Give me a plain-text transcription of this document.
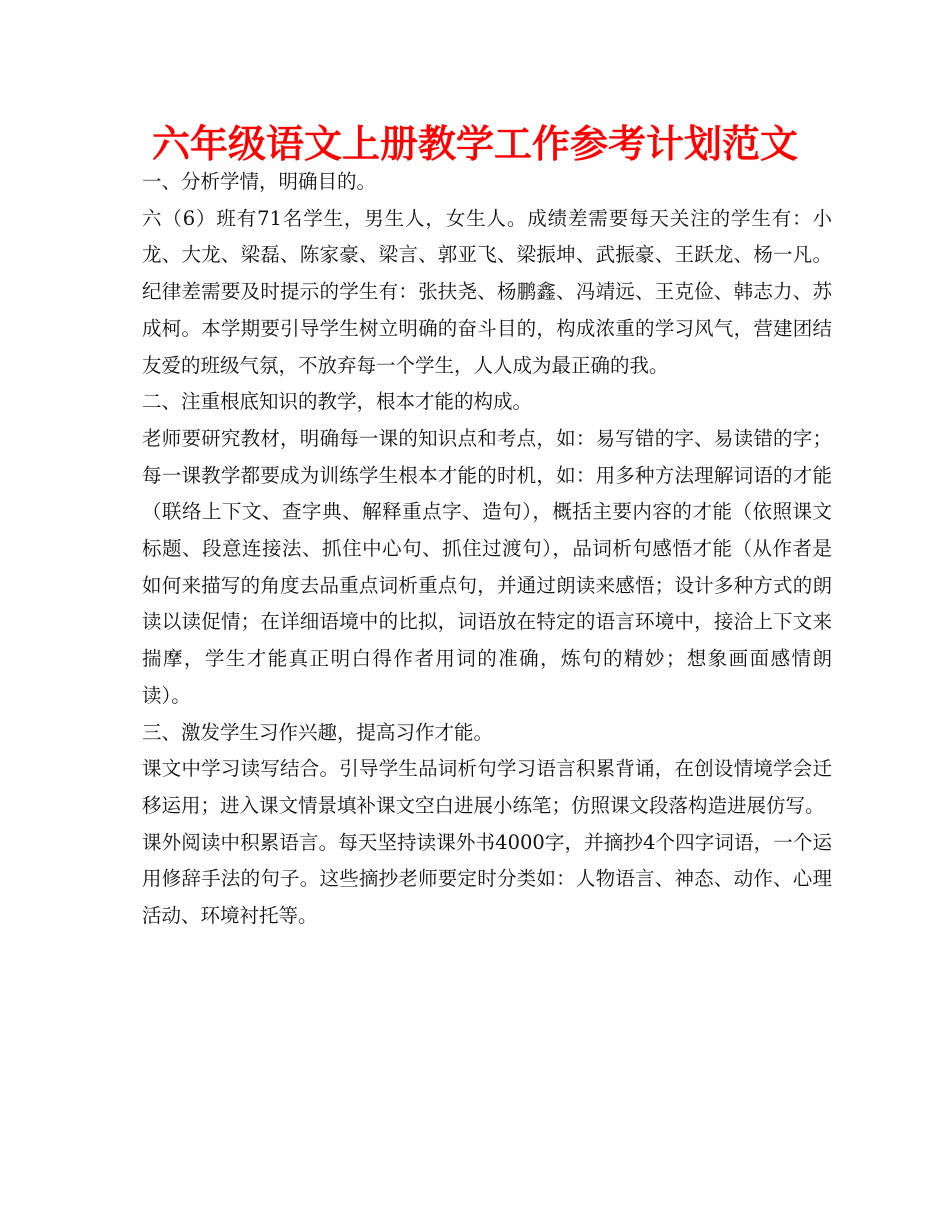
六年级语文上册教学工作参考计划范文

一、分析学情，明确目的。

六（6）班有71名学生，男生人，女生人。成绩差需要每天关注的学生有：小龙、大龙、梁磊、陈家豪、梁言、郭亚飞、梁振坤、武振豪、王跃龙、杨一凡。纪律差需要及时提示的学生有：张扶尧、杨鹏鑫、冯靖远、王克俭、韩志力、苏成柯。本学期要引导学生树立明确的奋斗目的，构成浓重的学习风气，营建团结友爱的班级气氛，不放弃每一个学生，人人成为最正确的我。

二、注重根底知识的教学，根本才能的构成。

老师要研究教材，明确每一课的知识点和考点，如：易写错的字、易读错的字；每一课教学都要成为训练学生根本才能的时机，如：用多种方法理解词语的才能（联络上下文、查字典、解释重点字、造句），概括主要内容的才能（依照课文标题、段意连接法、抓住中心句、抓住过渡句），品词析句感悟才能（从作者是如何来描写的角度去品重点词析重点句，并通过朗读来感悟；设计多种方式的朗读以读促情；在详细语境中的比拟，词语放在特定的语言环境中，接洽上下文来揣摩，学生才能真正明白得作者用词的准确，炼句的精妙；想象画面感情朗读）。

三、激发学生习作兴趣，提高习作才能。

课文中学习读写结合。引导学生品词析句学习语言积累背诵，在创设情境学会迁移运用；进入课文情景填补课文空白进展小练笔；仿照课文段落构造进展仿写。

课外阅读中积累语言。每天坚持读课外书4000字，并摘抄4个四字词语，一个运用修辞手法的句子。这些摘抄老师要定时分类如：人物语言、神态、动作、心理活动、环境衬托等。
